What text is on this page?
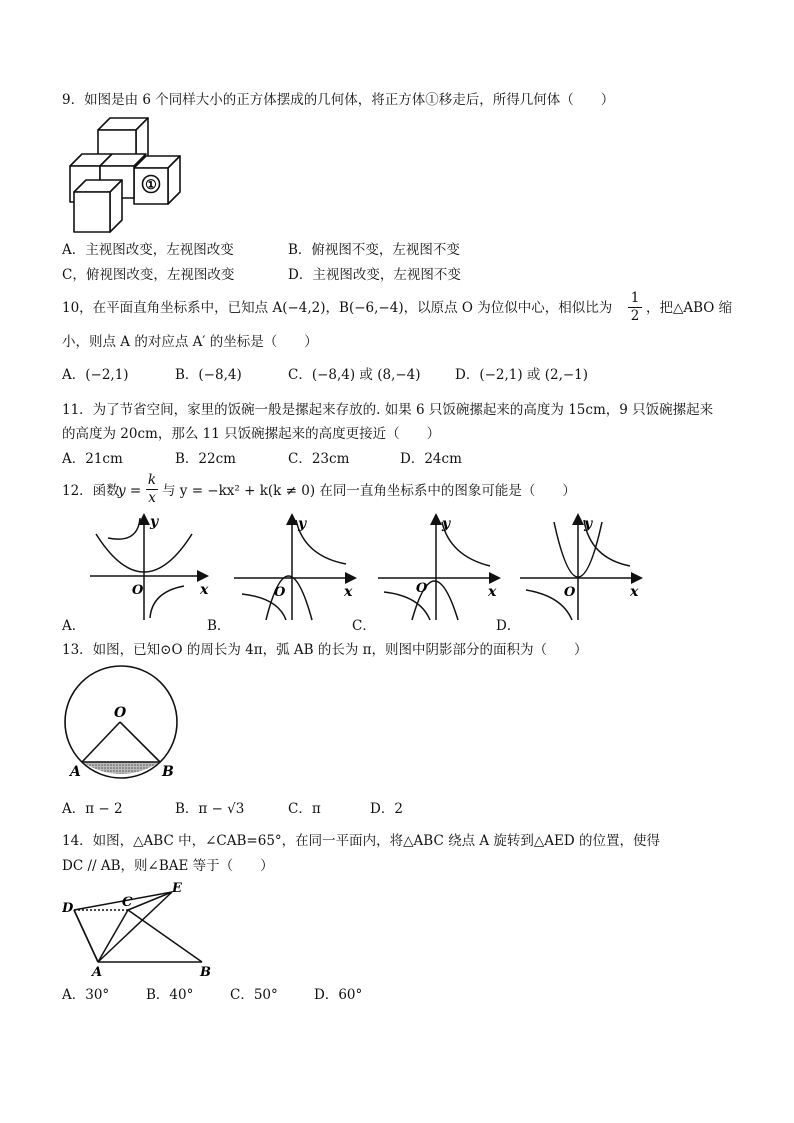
9．如图是由 6 个同样大小的正方体摆成的几何体，将正方体①移走后，所得几何体（　　）
①
A．主视图改变，左视图改变	B．俯视图不变，左视图不变
C，俯视图改变，左视图改变	D．主视图改变，左视图不变
10，在平面直角坐标系中，已知点 A(−4,2)，B(−6,−4)，以原点 O 为位似中心，相似比为 $\frac{1}{2}$ ，把△ABO 缩
小，则点 A 的对应点 A′ 的坐标是（　　）
A．(−2,1)	B．(−8,4)	C．(−8,4) 或 (8,−4)	D．(−2,1) 或 (2,−1)
11．为了节省空间，家里的饭碗一般是摞起来存放的. 如果 6 只饭碗摞起来的高度为 15cm，9 只饭碗摞起来
的高度为 20cm，那么 11 只饭碗摞起来的高度更接近（　　）
A．21cm	B．22cm	C．23cm	D．24cm
12．函数
$y = \frac{k}{x}$ 与 y = −kx² + k(k ≠ 0) 在同一直角坐标系中的图象可能是（　　）
O	x
y
O	x
y
O	x
y
O	x
y
A．	B．	C．	D．
13．如图，已知⊙O 的周长为 4π，弧 AB 的长为 π，则图中阴影部分的面积为（　　）
O
A	B
A．π − 2	B．π − √3	C．π	D．2
14．如图，△ABC 中，∠CAB=65°，在同一平面内，将△ABC 绕点 A 旋转到△AED 的位置，使得
DC // AB，则∠BAE 等于（　　）
D	C
E
A	B
A．30°	B．40°	C．50°	D．60°
